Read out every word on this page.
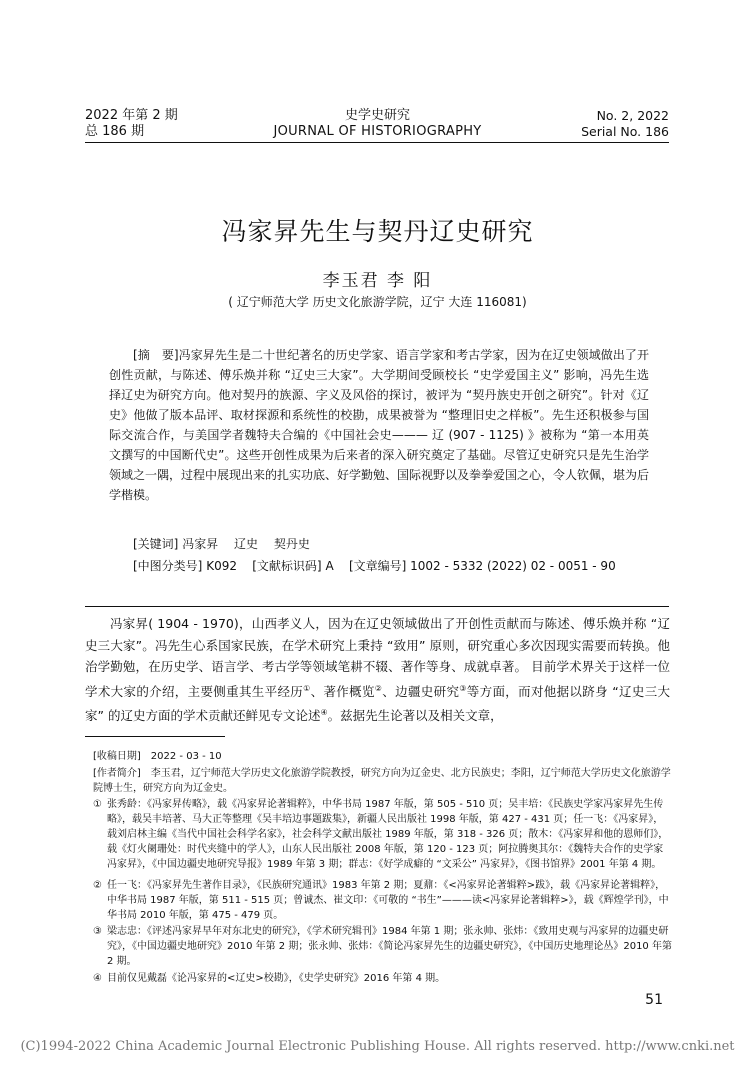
2022 年第 2 期
总 186 期
史学史研究
JOURNAL OF HISTORIOGRAPHY
No. 2, 2022
Serial No. 186
冯家昇先生与契丹辽史研究
李玉君 李 阳
( 辽宁师范大学 历史文化旅游学院，辽宁 大连 116081)
[摘　要]冯家昇先生是二十世纪著名的历史学家、语言学家和考古学家，因为在辽史领域做出了开创性贡献，与陈述、傅乐焕并称 “辽史三大家”。大学期间受顾校长 “史学爱国主义” 影响，冯先生选择辽史为研究方向。他对契丹的族源、字义及风俗的探讨，被评为 “契丹族史开创之研究”。针对《辽史》他做了版本品评、取材探源和系统性的校勘，成果被誉为 “整理旧史之样板”。先生还积极参与国际交流合作，与美国学者魏特夫合编的《中国社会史——— 辽 (907 - 1125) 》被称为 “第一本用英文撰写的中国断代史”。这些开创性成果为后来者的深入研究奠定了基础。尽管辽史研究只是先生治学领域之一隅，过程中展现出来的扎实功底、好学勤勉、国际视野以及拳拳爱国之心，令人钦佩，堪为后学楷模。
[关键词] 冯家昇　 辽史　 契丹史
[中图分类号] K092 [文献标识码] A [文章编号] 1002 - 5332 (2022) 02 - 0051 - 90
冯家昇( 1904 - 1970)，山西孝义人，因为在辽史领域做出了开创性贡献而与陈述、傅乐焕并称 “辽史三大家”。冯先生心系国家民族，在学术研究上秉持 “致用” 原则，研究重心多次因现实需要而转换。他治学勤勉，在历史学、语言学、考古学等领域笔耕不辍、著作等身、成就卓著。 目前学术界关于这样一位学术大家的介绍，主要侧重其生平经历①、著作概览②、边疆史研究③等方面，而对他据以跻身 “辽史三大家” 的辽史方面的学术贡献还鲜见专文论述④。兹据先生论著以及相关文章，
[收稿日期]　2022 - 03 - 10
[作者简介]　李玉君，辽宁师范大学历史文化旅游学院教授，研究方向为辽金史、北方民族史；李阳，辽宁师范大学历史文化旅游学院博士生，研究方向为辽金史。
① 张秀龄：《冯家昇传略》，载《冯家昇论著辑粹》，中华书局 1987 年版，第 505 - 510 页；吴丰培：《民族史学家冯家昇先生传略》，载吴丰培著、马大正等整理《吴丰培边事题跋集》，新疆人民出版社 1998 年版，第 427 - 431 页；任一飞：《冯家昇》，载刘启林主编《当代中国社会科学名家》，社会科学文献出版社 1989 年版，第 318 - 326 页；散木：《冯家昇和他的恩师们》，载《灯火阑珊处：时代夹缝中的学人》，山东人民出版社 2008 年版，第 120 - 123 页；阿拉腾奥其尔：《魏特夫合作的史学家冯家昇》，《中国边疆史地研究导报》1989 年第 3 期；群志：《好学成癖的 “文采公” 冯家昇》，《图书馆界》2001 年第 4 期。
② 任一飞：《冯家昇先生著作目录》，《民族研究通讯》1983 年第 2 期；夏鼐：《<冯家昇论著辑粹>跋》，载《冯家昇论著辑粹》，中华书局 1987 年版，第 511 - 515 页；曾诚杰、崔文印：《可敬的 “书生”———读<冯家昇论著辑粹>》，载《辉煌学刊》，中华书局 2010 年版，第 475 - 479 页。
③ 梁志忠：《评述冯家昇早年对东北史的研究》，《学术研究辑刊》1984 年第 1 期；张永帅、张炜：《致用史观与冯家昇的边疆史研究》，《中国边疆史地研究》2010 年第 2 期；张永帅、张炜：《简论冯家昇先生的边疆史研究》，《中国历史地理论丛》2010 年第 2 期。
④ 目前仅见戴磊《论冯家昇的<辽史>校勘》，《史学史研究》2016 年第 4 期。
51
(C)1994-2022 China Academic Journal Electronic Publishing House. All rights reserved. http://www.cnki.net
